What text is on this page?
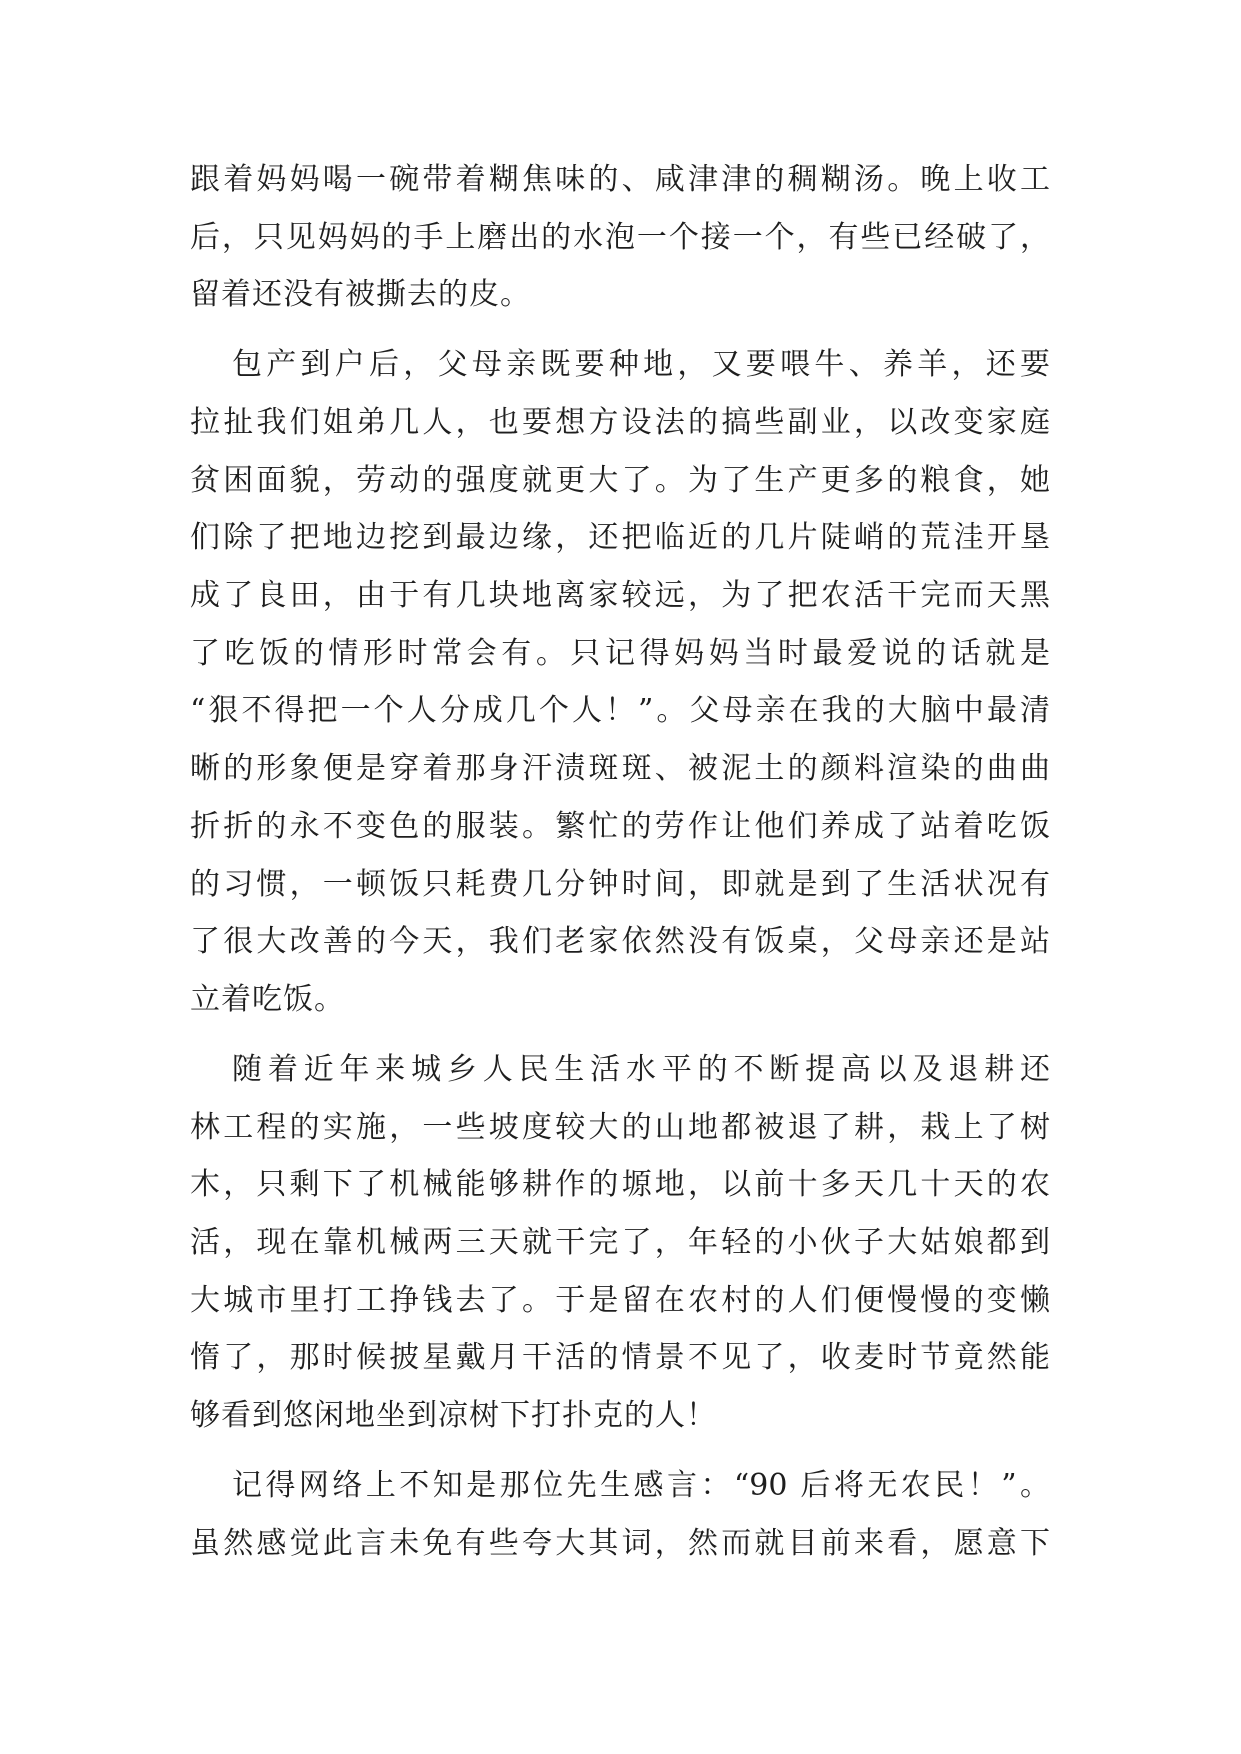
跟着妈妈喝一碗带着糊焦味的、咸津津的稠糊汤。晚上收工
后，只见妈妈的手上磨出的水泡一个接一个，有些已经破了，
留着还没有被撕去的皮。
包产到户后，父母亲既要种地，又要喂牛、养羊，还要
拉扯我们姐弟几人，也要想方设法的搞些副业，以改变家庭
贫困面貌，劳动的强度就更大了。为了生产更多的粮食，她
们除了把地边挖到最边缘，还把临近的几片陡峭的荒洼开垦
成了良田，由于有几块地离家较远，为了把农活干完而天黑
了吃饭的情形时常会有。只记得妈妈当时最爱说的话就是
“狠不得把一个人分成几个人！”。父母亲在我的大脑中最清
晰的形象便是穿着那身汗渍斑斑、被泥土的颜料渲染的曲曲
折折的永不变色的服装。繁忙的劳作让他们养成了站着吃饭
的习惯，一顿饭只耗费几分钟时间，即就是到了生活状况有
了很大改善的今天，我们老家依然没有饭桌，父母亲还是站
立着吃饭。
随着近年来城乡人民生活水平的不断提高以及退耕还
林工程的实施，一些坡度较大的山地都被退了耕，栽上了树
木，只剩下了机械能够耕作的塬地，以前十多天几十天的农
活，现在靠机械两三天就干完了，年轻的小伙子大姑娘都到
大城市里打工挣钱去了。于是留在农村的人们便慢慢的变懒
惰了，那时候披星戴月干活的情景不见了，收麦时节竟然能
够看到悠闲地坐到凉树下打扑克的人！
记得网络上不知是那位先生感言：“90 后将无农民！”。
虽然感觉此言未免有些夸大其词，然而就目前来看，愿意下
